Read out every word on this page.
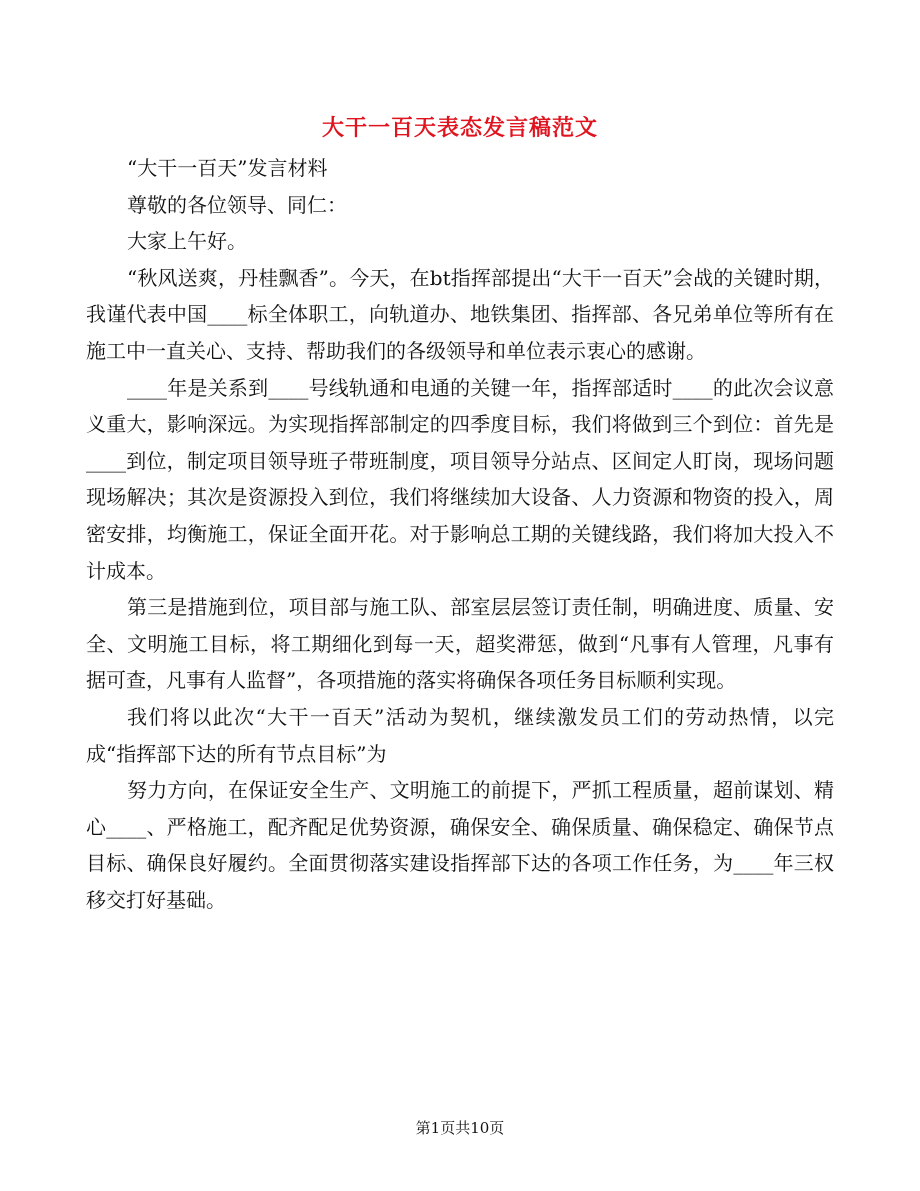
大干一百天表态发言稿范文

“大干一百天”发言材料

尊敬的各位领导、同仁：

大家上午好。

“秋风送爽，丹桂飘香”。今天，在bt指挥部提出“大干一百天”会战的关键时期，我谨代表中国____标全体职工，向轨道办、地铁集团、指挥部、各兄弟单位等所有在施工中一直关心、支持、帮助我们的各级领导和单位表示衷心的感谢。

____年是关系到____号线轨通和电通的关键一年，指挥部适时____的此次会议意义重大，影响深远。为实现指挥部制定的四季度目标，我们将做到三个到位：首先是____到位，制定项目领导班子带班制度，项目领导分站点、区间定人盯岗，现场问题现场解决；其次是资源投入到位，我们将继续加大设备、人力资源和物资的投入，周密安排，均衡施工，保证全面开花。对于影响总工期的关键线路，我们将加大投入不计成本。

第三是措施到位，项目部与施工队、部室层层签订责任制，明确进度、质量、安全、文明施工目标，将工期细化到每一天，超奖滞惩，做到“凡事有人管理，凡事有据可查，凡事有人监督”，各项措施的落实将确保各项任务目标顺利实现。

我们将以此次“大干一百天”活动为契机，继续激发员工们的劳动热情，以完成“指挥部下达的所有节点目标”为

努力方向，在保证安全生产、文明施工的前提下，严抓工程质量，超前谋划、精心____、严格施工，配齐配足优势资源，确保安全、确保质量、确保稳定、确保节点目标、确保良好履约。全面贯彻落实建设指挥部下达的各项工作任务，为____年三权移交打好基础。

第1页共10页
